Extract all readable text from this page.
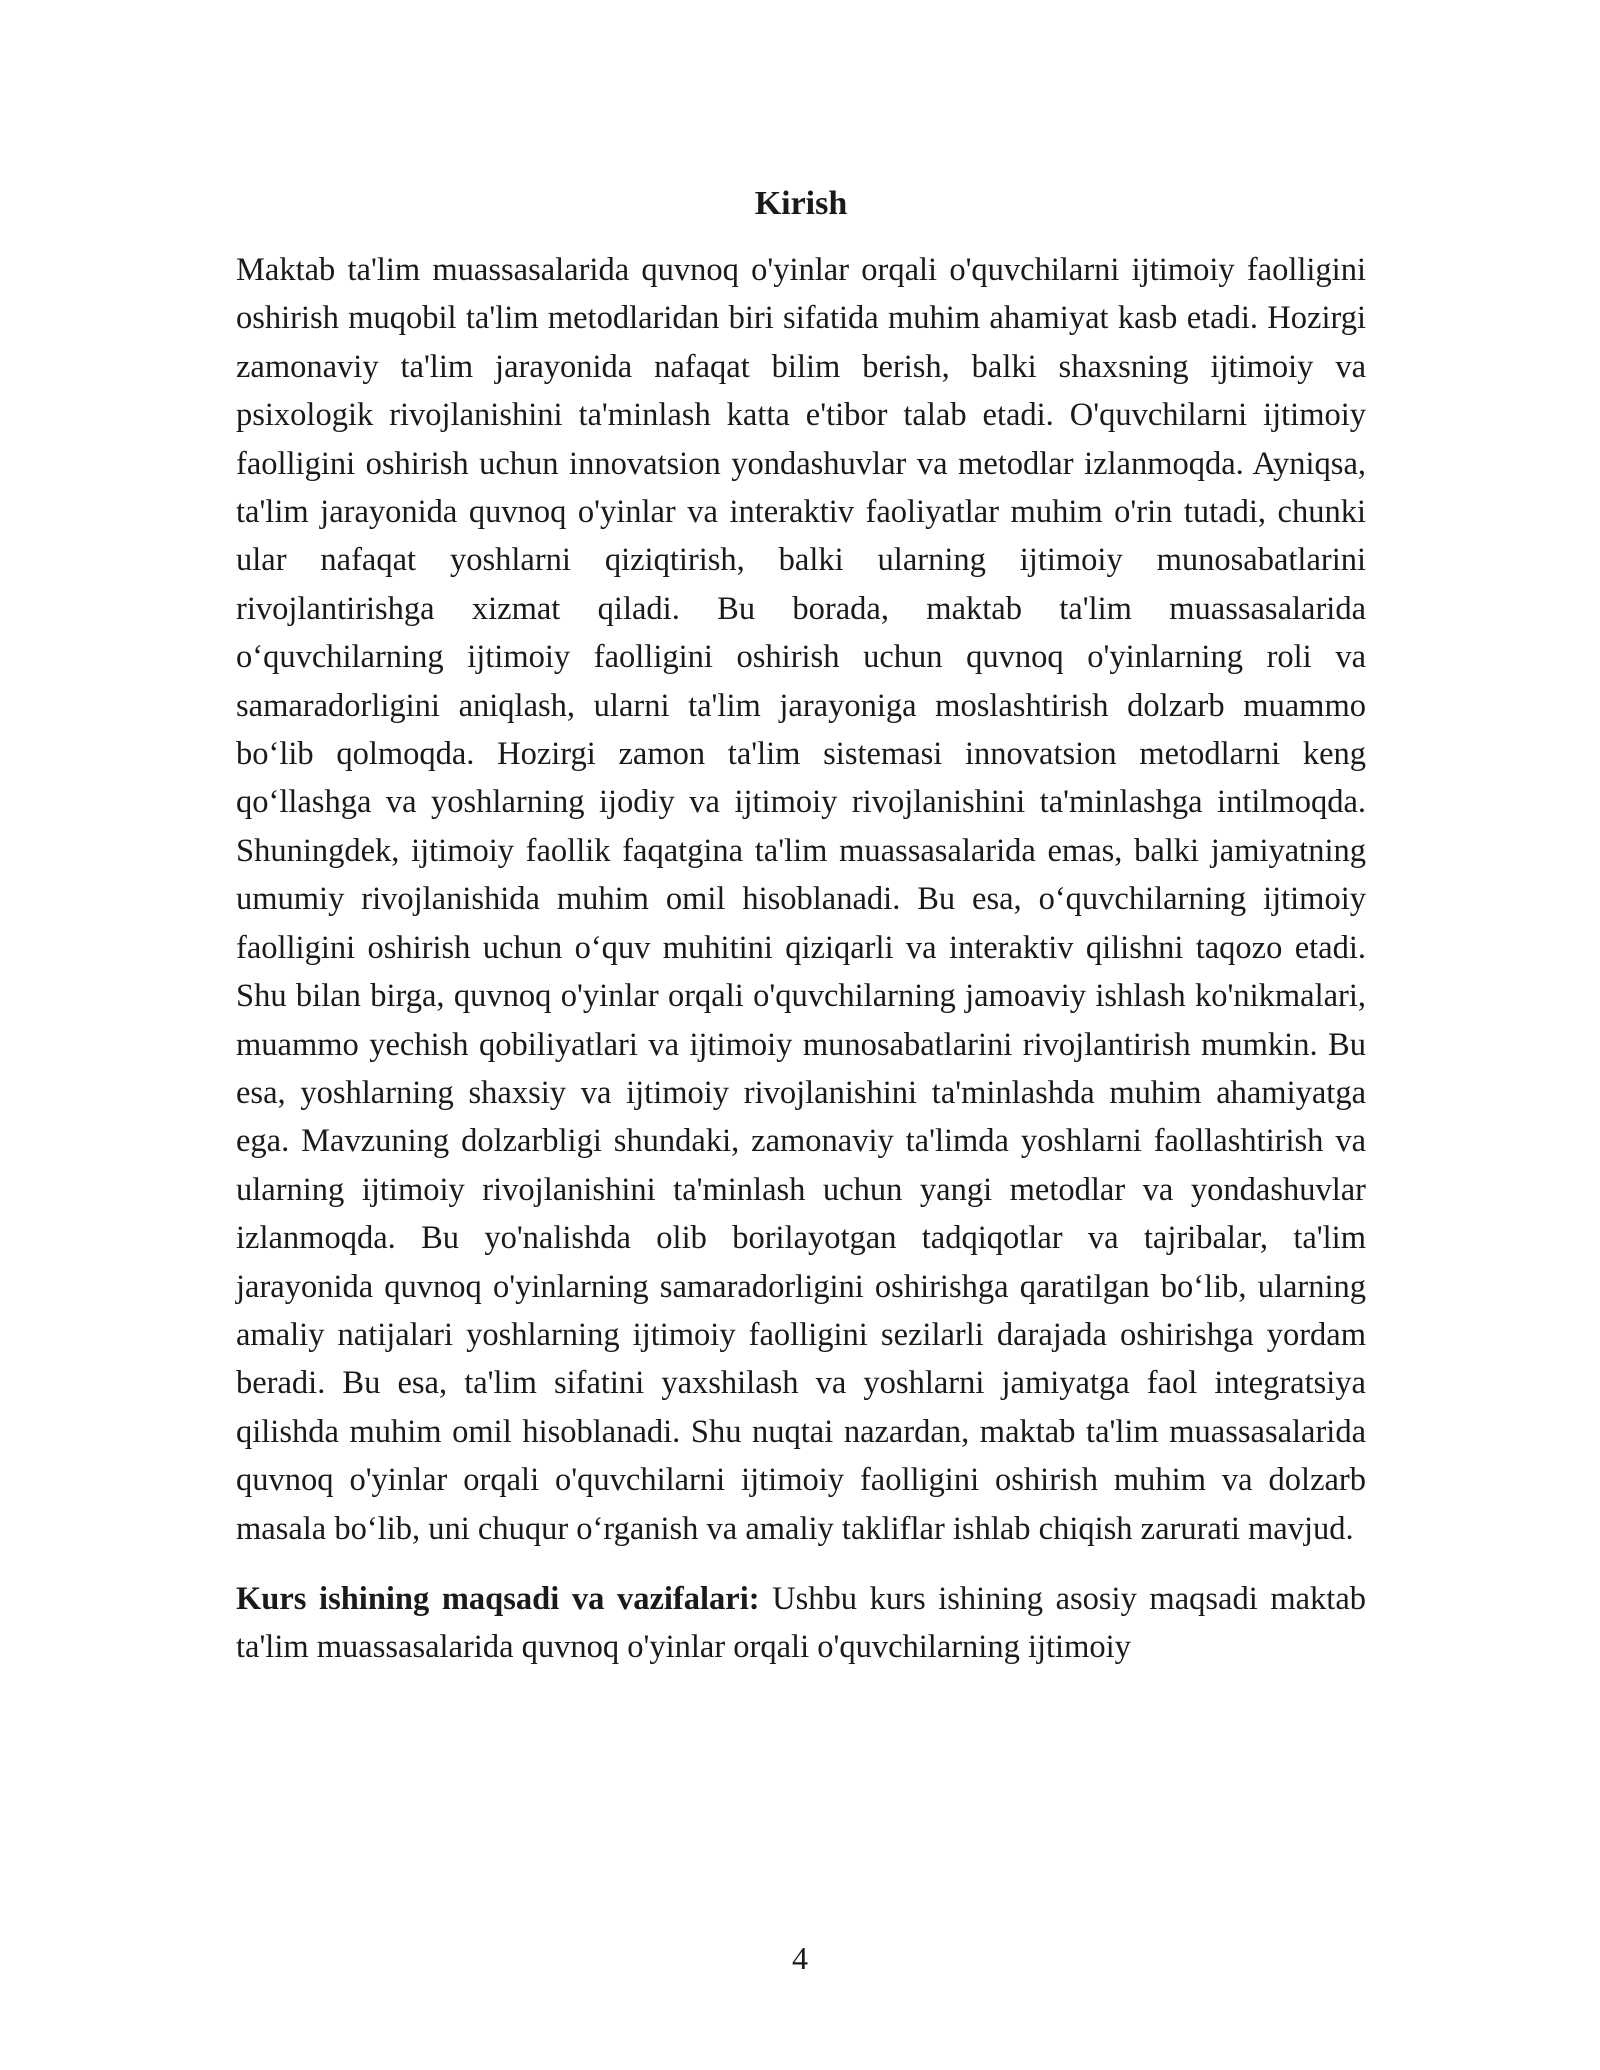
Kirish

Maktab ta'lim muassasalarida quvnoq o'yinlar orqali o'quvchilarni ijtimoiy faolligini oshirish muqobil ta'lim metodlaridan biri sifatida muhim ahamiyat kasb etadi. Hozirgi zamonaviy ta'lim jarayonida nafaqat bilim berish, balki shaxsning ijtimoiy va psixologik rivojlanishini ta'minlash katta e'tibor talab etadi. O'quvchilarni ijtimoiy faolligini oshirish uchun innovatsion yondashuvlar va metodlar izlanmoqda. Ayniqsa, ta'lim jarayonida quvnoq o'yinlar va interaktiv faoliyatlar muhim o'rin tutadi, chunki ular nafaqat yoshlarni qiziqtirish, balki ularning ijtimoiy munosabatlarini rivojlantirishga xizmat qiladi. Bu borada, maktab ta'lim muassasalarida o‘quvchilarning ijtimoiy faolligini oshirish uchun quvnoq o'yinlarning roli va samaradorligini aniqlash, ularni ta'lim jarayoniga moslashtirish dolzarb muammo bo‘lib qolmoqda. Hozirgi zamon ta'lim sistemasi innovatsion metodlarni keng qo‘llashga va yoshlarning ijodiy va ijtimoiy rivojlanishini ta'minlashga intilmoqda. Shuningdek, ijtimoiy faollik faqatgina ta'lim muassasalarida emas, balki jamiyatning umumiy rivojlanishida muhim omil hisoblanadi. Bu esa, o‘quvchilarning ijtimoiy faolligini oshirish uchun o‘quv muhitini qiziqarli va interaktiv qilishni taqozo etadi. Shu bilan birga, quvnoq o'yinlar orqali o'quvchilarning jamoaviy ishlash ko'nikmalari, muammo yechish qobiliyatlari va ijtimoiy munosabatlarini rivojlantirish mumkin. Bu esa, yoshlarning shaxsiy va ijtimoiy rivojlanishini ta'minlashda muhim ahamiyatga ega. Mavzuning dolzarbligi shundaki, zamonaviy ta'limda yoshlarni faollashtirish va ularning ijtimoiy rivojlanishini ta'minlash uchun yangi metodlar va yondashuvlar izlanmoqda. Bu yo'nalishda olib borilayotgan tadqiqotlar va tajribalar, ta'lim jarayonida quvnoq o'yinlarning samaradorligini oshirishga qaratilgan bo‘lib, ularning amaliy natijalari yoshlarning ijtimoiy faolligini sezilarli darajada oshirishga yordam beradi. Bu esa, ta'lim sifatini yaxshilash va yoshlarni jamiyatga faol integratsiya qilishda muhim omil hisoblanadi. Shu nuqtai nazardan, maktab ta'lim muassasalarida quvnoq o'yinlar orqali o'quvchilarni ijtimoiy faolligini oshirish muhim va dolzarb masala bo‘lib, uni chuqur o‘rganish va amaliy takliflar ishlab chiqish zarurati mavjud.

Kurs ishining maqsadi va vazifalari: Ushbu kurs ishining asosiy maqsadi maktab ta'lim muassasalarida quvnoq o'yinlar orqali o'quvchilarning ijtimoiy

4
